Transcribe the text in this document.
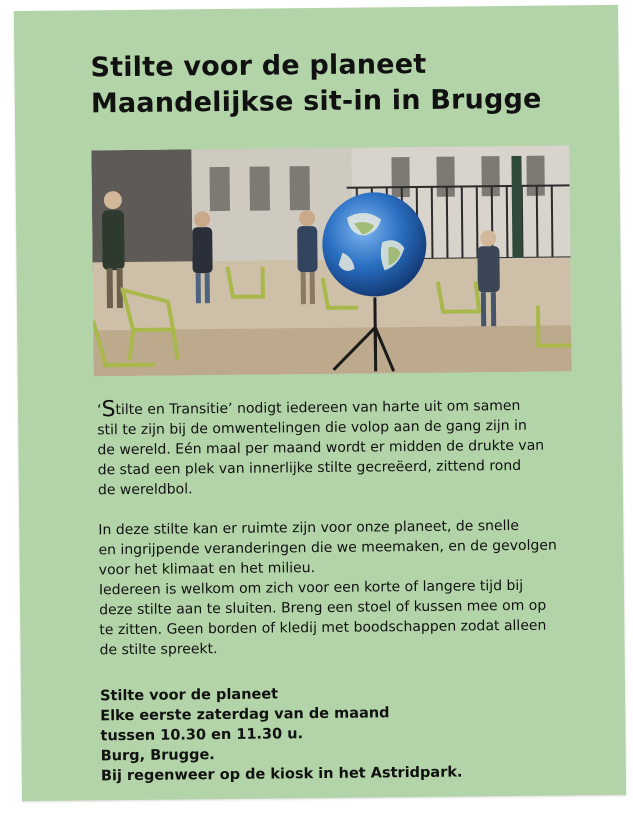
Stilte voor de planeet
Maandelijkse sit-in in Brugge

‘Stilte en Transitie’ nodigt iedereen van harte uit om samen

stil te zijn bij de omwentelingen die volop aan de gang zijn in

de wereld. Eén maal per maand wordt er midden de drukte van

de stad een plek van innerlijke stilte gecreëerd, zittend rond

de wereldbol.

In deze stilte kan er ruimte zijn voor onze planeet, de snelle

en ingrijpende veranderingen die we meemaken, en de gevolgen

voor het klimaat en het milieu.

Iedereen is welkom om zich voor een korte of langere tijd bij

deze stilte aan te sluiten. Breng een stoel of kussen mee om op

te zitten. Geen borden of kledij met boodschappen zodat alleen

de stilte spreekt.

Stilte voor de planeet
Elke eerste zaterdag van de maand
tussen 10.30 en 11.30 u.
Burg, Brugge.
Bij regenweer op de kiosk in het Astridpark.
